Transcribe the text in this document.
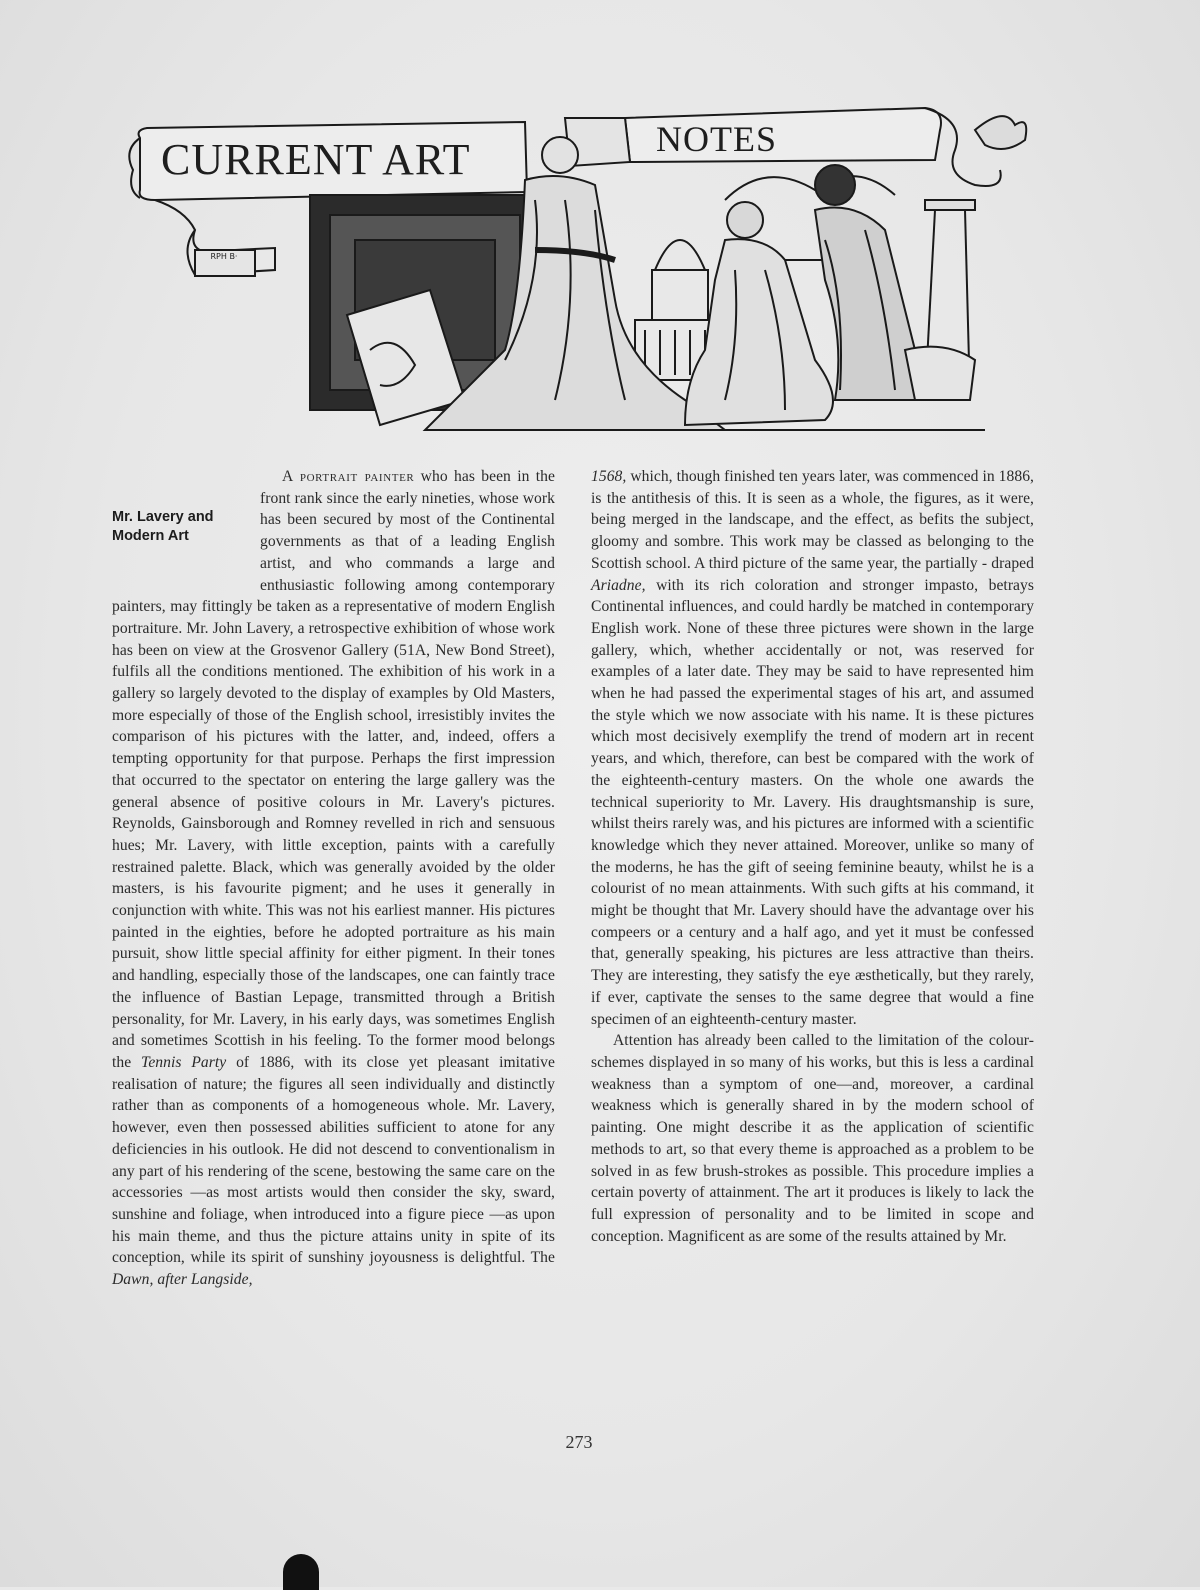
CURRENT ART	NOTES
RPH B·

A portrait painter who has been in the front rank since the early nineties, whose work has been secured by most of the Continental governments as that of a leading English artist, and who commands a large and enthusiastic following among contemporary painters, may fittingly be taken as a representative of modern English portraiture. Mr. John Lavery, a retrospective exhibition of whose work has been on view at the Grosvenor Gallery (51A, New Bond Street), fulfils all the conditions mentioned. The exhibition of his work in a gallery so largely devoted to the display of examples by Old Masters, more especially of those of the English school, irresistibly invites the comparison of his pictures with the latter, and, indeed, offers a tempting opportunity for that purpose. Perhaps the first impression that occurred to the spectator on entering the large gallery was the general absence of positive colours in Mr. Lavery's pictures. Reynolds, Gainsborough and Romney revelled in rich and sensuous hues; Mr. Lavery, with little exception, paints with a carefully restrained palette. Black, which was generally avoided by the older masters, is his favourite pigment; and he uses it generally in conjunction with white. This was not his earliest manner. His pictures painted in the eighties, before he adopted portraiture as his main pursuit, show little special affinity for either pigment. In their tones and handling, especially those of the landscapes, one can faintly trace the influence of Bastian Lepage, transmitted through a British personality, for Mr. Lavery, in his early days, was sometimes English and sometimes Scottish in his feeling. To the former mood belongs the Tennis Party of 1886, with its close yet pleasant imitative realisation of nature; the figures all seen individually and distinctly rather than as components of a homogeneous whole. Mr. Lavery, however, even then possessed abilities sufficient to atone for any deficiencies in his outlook. He did not descend to conventionalism in any part of his rendering of the scene, bestowing the same care on the accessories —as most artists would then consider the sky, sward, sunshine and foliage, when introduced into a figure piece —as upon his main theme, and thus the picture attains unity in spite of its conception, while its spirit of sunshiny joyousness is delightful. The Dawn, after Langside,

Mr. Lavery and
Modern Art

1568, which, though finished ten years later, was commenced in 1886, is the antithesis of this. It is seen as a whole, the figures, as it were, being merged in the landscape, and the effect, as befits the subject, gloomy and sombre. This work may be classed as belonging to the Scottish school. A third picture of the same year, the partially - draped Ariadne, with its rich coloration and stronger impasto, betrays Continental influences, and could hardly be matched in contemporary English work. None of these three pictures were shown in the large gallery, which, whether accidentally or not, was reserved for examples of a later date. They may be said to have represented him when he had passed the experimental stages of his art, and assumed the style which we now associate with his name. It is these pictures which most decisively exemplify the trend of modern art in recent years, and which, therefore, can best be compared with the work of the eighteenth-century masters. On the whole one awards the technical superiority to Mr. Lavery. His draughtsmanship is sure, whilst theirs rarely was, and his pictures are informed with a scientific knowledge which they never attained. Moreover, unlike so many of the moderns, he has the gift of seeing feminine beauty, whilst he is a colourist of no mean attainments. With such gifts at his command, it might be thought that Mr. Lavery should have the advantage over his compeers or a century and a half ago, and yet it must be confessed that, generally speaking, his pictures are less attractive than theirs. They are interesting, they satisfy the eye æsthetically, but they rarely, if ever, captivate the senses to the same degree that would a fine specimen of an eighteenth-century master.

Attention has already been called to the limitation of the colour-schemes displayed in so many of his works, but this is less a cardinal weakness than a symptom of one—and, moreover, a cardinal weakness which is generally shared in by the modern school of painting. One might describe it as the application of scientific methods to art, so that every theme is approached as a problem to be solved in as few brush-strokes as possible. This procedure implies a certain poverty of attainment. The art it produces is likely to lack the full expression of personality and to be limited in scope and conception. Magnificent as are some of the results attained by Mr.

273
